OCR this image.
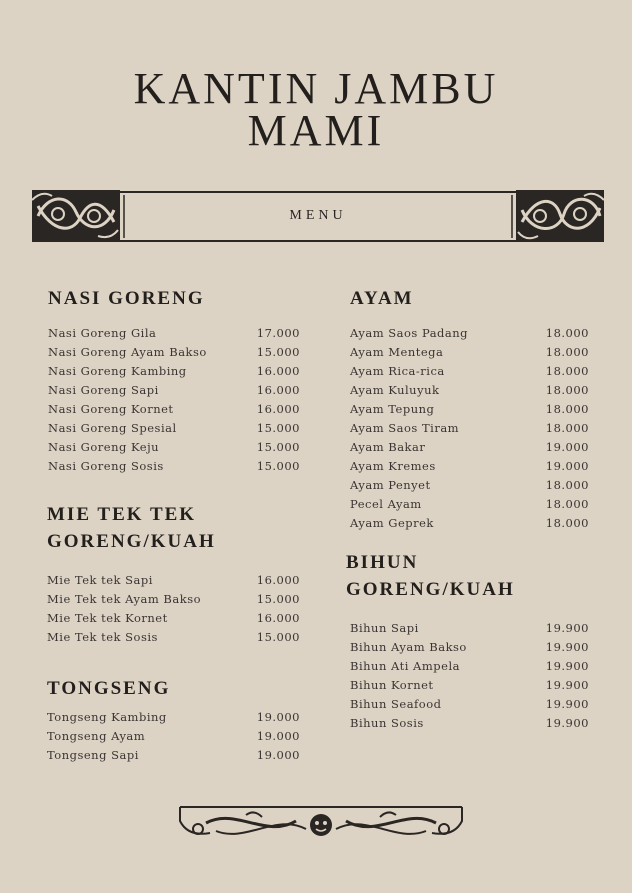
KANTIN JAMBU
MAMI
MENU
NASI GORENG
Nasi Goreng Gila	17.000
Nasi Goreng Ayam Bakso	15.000
Nasi Goreng Kambing	16.000
Nasi Goreng Sapi	16.000
Nasi Goreng Kornet	16.000
Nasi Goreng Spesial	15.000
Nasi Goreng Keju	15.000
Nasi Goreng Sosis	15.000
MIE TEK TEK
GORENG/KUAH
Mie Tek tek Sapi	16.000
Mie Tek tek Ayam Bakso	15.000
Mie Tek tek Kornet	16.000
Mie Tek tek Sosis	15.000
TONGSENG
Tongseng Kambing	19.000
Tongseng Ayam	19.000
Tongseng Sapi	19.000
AYAM
Ayam Saos Padang	18.000
Ayam Mentega	18.000
Ayam Rica-rica	18.000
Ayam Kuluyuk	18.000
Ayam Tepung	18.000
Ayam Saos Tiram	18.000
Ayam Bakar	19.000
Ayam Kremes	19.000
Ayam Penyet	18.000
Pecel Ayam	18.000
Ayam Geprek	18.000
BIHUN
GORENG/KUAH
Bihun Sapi	19.900
Bihun Ayam Bakso	19.900
Bihun Ati Ampela	19.900
Bihun Kornet	19.900
Bihun Seafood	19.900
Bihun Sosis	19.900
